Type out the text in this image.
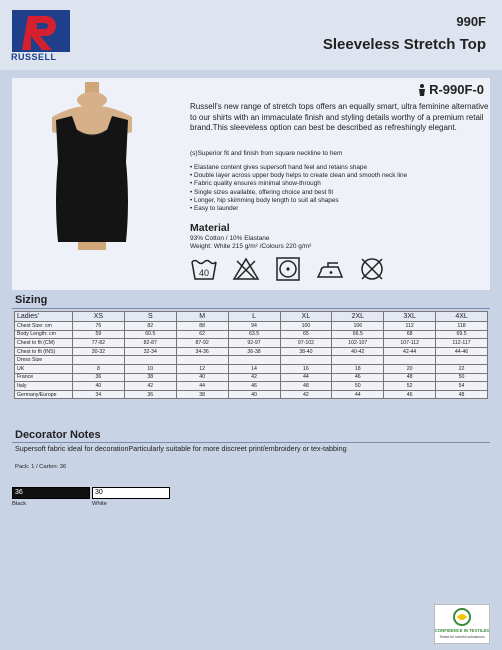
RUSSELL
990F
Sleeveless Stretch Top
R-990F-0

Russell's new range of stretch tops offers an equally smart, ultra feminine alternative to our shirts with an immaculate finish and styling details worthy of a premium retail brand.This sleeveless option can best be described as refreshingly elegant.

(s)Superior fit and finish from square neckline to hem

• Elastane content gives supersoft hand feel and retains shape
• Double layer across upper body helps to create clean and smooth neck line
• Fabric quality ensures minimal show-through
• Single sizes available, offering choice and best fit
• Longer, hip skimming body length to suit all shapes
• Easy to launder
Material
93% Cotton / 10% Elastane
Weight: White 215 g/m² /Colours 220 g/m²
40
Sizing
Ladies'	XS	S	M	L	XL	2XL	3XL	4XL
Chest Size: cm	76	82	88	94	100	106	112	118
Body Length: cm	59	60.5	62	63.5	65	66.5	68	69.5
Chest to fit (CM)	77-82	82-87	87-92	92-97	97-102	102-107	107-112	112-117
Chest to fit (INS)	30-32	32-34	34-36	36-38	38-40	40-42	42-44	44-46
Dress Size								
UK	8	10	12	14	16	18	20	22
France	36	38	40	42	44	46	48	50
Italy	40	42	44	46	48	50	52	54
Germany/Europe	34	36	38	40	42	44	46	48
Decorator Notes
Supersoft fabric ideal for decorationParticularly suitable for more discreet print/embroidery or tex-tabbing
Pack: 1 / Carton: 36
36
Black
30
White
CONFIDENCE IN TEXTILES
Tested for harmful substances
